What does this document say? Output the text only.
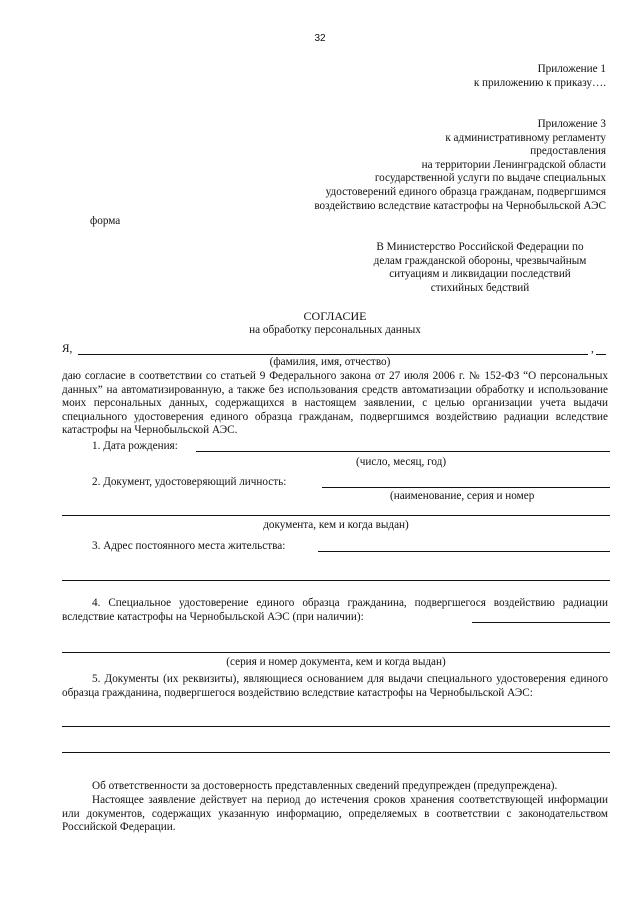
32
Приложение 1
к приложению к приказу….
Приложение 3
к административному регламенту
предоставления
на территории Ленинградской области
государственной услуги по выдаче специальных
удостоверений единого образца гражданам, подвергшимся
воздействию вследствие катастрофы на Чернобыльской АЭС
форма
В Министерство Российской Федерации по
делам гражданской обороны, чрезвычайным
ситуациям и ликвидации последствий
стихийных бедствий
СОГЛАСИЕ
на обработку персональных данных
Я,	,
(фамилия, имя, отчество)
даю согласие в соответствии со статьей 9 Федерального закона от 27 июля 2006 г. № 152-ФЗ “О персональных данных” на автоматизированную, а также без использования средств автоматизации обработку и использование моих персональных данных, содержащихся в настоящем заявлении, с целью организации учета выдачи специального удостоверения единого образца гражданам, подвергшимся воздействию радиации вследствие катастрофы на Чернобыльской АЭС.
1. Дата рождения:
(число, месяц, год)
2. Документ, удостоверяющий личность:
(наименование, серия и номер
документа, кем и когда выдан)
3. Адрес постоянного места жительства:
4. Специальное удостоверение единого образца гражданина, подвергшегося воздействию радиации вследствие катастрофы на Чернобыльской АЭС (при наличии):
(серия и номер документа, кем и когда выдан)
5. Документы (их реквизиты), являющиеся основанием для выдачи специального удостоверения единого образца гражданина, подвергшегося воздействию вследствие катастрофы на Чернобыльской АЭС:
Об ответственности за достоверность представленных сведений предупрежден (предупреждена).
Настоящее заявление действует на период до истечения сроков хранения соответствующей информации или документов, содержащих указанную информацию, определяемых в соответствии с законодательством Российской Федерации.
